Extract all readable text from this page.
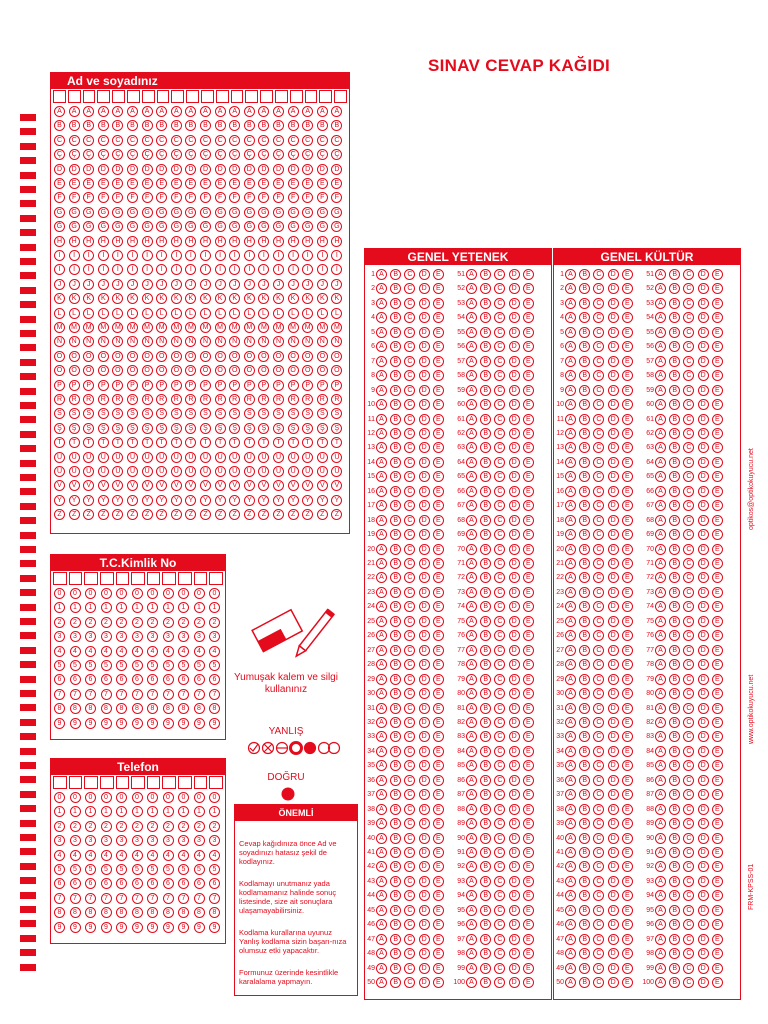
SINAV CEVAP KAĞIDI
Ad ve soyadınız
A	A	A	A	A	A	A	A	A	A	A	A	A	A	A	A	A	A	A	A
B	B	B	B	B	B	B	B	B	B	B	B	B	B	B	B	B	B	B	B
C	C	C	C	C	C	C	C	C	C	C	C	C	C	C	C	C	C	C	C
Ç	Ç	Ç	Ç	Ç	Ç	Ç	Ç	Ç	Ç	Ç	Ç	Ç	Ç	Ç	Ç	Ç	Ç	Ç	Ç
D	D	D	D	D	D	D	D	D	D	D	D	D	D	D	D	D	D	D	D
E	E	E	E	E	E	E	E	E	E	E	E	E	E	E	E	E	E	E	E
F	F	F	F	F	F	F	F	F	F	F	F	F	F	F	F	F	F	F	F
G	G	G	G	G	G	G	G	G	G	G	G	G	G	G	G	G	G	G	G
Ğ	Ğ	Ğ	Ğ	Ğ	Ğ	Ğ	Ğ	Ğ	Ğ	Ğ	Ğ	Ğ	Ğ	Ğ	Ğ	Ğ	Ğ	Ğ	Ğ
H	H	H	H	H	H	H	H	H	H	H	H	H	H	H	H	H	H	H	H
I	I	I	I	I	I	I	I	I	I	I	I	I	I	I	I	I	I	I	I
İ	İ	İ	İ	İ	İ	İ	İ	İ	İ	İ	İ	İ	İ	İ	İ	İ	İ	İ	İ
J	J	J	J	J	J	J	J	J	J	J	J	J	J	J	J	J	J	J	J
K	K	K	K	K	K	K	K	K	K	K	K	K	K	K	K	K	K	K	K
L	L	L	L	L	L	L	L	L	L	L	L	L	L	L	L	L	L	L	L
M	M	M	M	M	M	M	M	M	M	M	M	M	M	M	M	M	M	M	M
N	N	N	N	N	N	N	N	N	N	N	N	N	N	N	N	N	N	N	N
O	O	O	O	O	O	O	O	O	O	O	O	O	O	O	O	O	O	O	O
Ö	Ö	Ö	Ö	Ö	Ö	Ö	Ö	Ö	Ö	Ö	Ö	Ö	Ö	Ö	Ö	Ö	Ö	Ö	Ö
P	P	P	P	P	P	P	P	P	P	P	P	P	P	P	P	P	P	P	P
R	R	R	R	R	R	R	R	R	R	R	R	R	R	R	R	R	R	R	R
S	S	S	S	S	S	S	S	S	S	S	S	S	S	S	S	S	S	S	S
Ş	Ş	Ş	Ş	Ş	Ş	Ş	Ş	Ş	Ş	Ş	Ş	Ş	Ş	Ş	Ş	Ş	Ş	Ş	Ş
T	T	T	T	T	T	T	T	T	T	T	T	T	T	T	T	T	T	T	T
U	U	U	U	U	U	U	U	U	U	U	U	U	U	U	U	U	U	U	U
Ü	Ü	Ü	Ü	Ü	Ü	Ü	Ü	Ü	Ü	Ü	Ü	Ü	Ü	Ü	Ü	Ü	Ü	Ü	Ü
V	V	V	V	V	V	V	V	V	V	V	V	V	V	V	V	V	V	V	V
Y	Y	Y	Y	Y	Y	Y	Y	Y	Y	Y	Y	Y	Y	Y	Y	Y	Y	Y	Y
Z	Z	Z	Z	Z	Z	Z	Z	Z	Z	Z	Z	Z	Z	Z	Z	Z	Z	Z	Z
T.C.Kimlik No
0	0	0	0	0	0	0	0	0	0	0
1	1	1	1	1	1	1	1	1	1	1
2	2	2	2	2	2	2	2	2	2	2
3	3	3	3	3	3	3	3	3	3	3
4	4	4	4	4	4	4	4	4	4	4
5	5	5	5	5	5	5	5	5	5	5
6	6	6	6	6	6	6	6	6	6	6
7	7	7	7	7	7	7	7	7	7	7
8	8	8	8	8	8	8	8	8	8	8
9	9	9	9	9	9	9	9	9	9	9
Telefon
0	0	0	0	0	0	0	0	0	0	0
1	1	1	1	1	1	1	1	1	1	1
2	2	2	2	2	2	2	2	2	2	2
3	3	3	3	3	3	3	3	3	3	3
4	4	4	4	4	4	4	4	4	4	4
5	5	5	5	5	5	5	5	5	5	5
6	6	6	6	6	6	6	6	6	6	6
7	7	7	7	7	7	7	7	7	7	7
8	8	8	8	8	8	8	8	8	8	8
9	9	9	9	9	9	9	9	9	9	9
Yumuşak kalem ve silgi kullanınız
YANLIŞ
DOĞRU
ÖNEMLİ
Cevap kağıdınıza önce Ad ve soyadınızı hatasız şekil de kodlayınız.
Kodlamayı unutmanız yada kodlamamanız halinde sonuç listesinde, size ait sonuçlara ulaşamayabilirsiniz.
Kodlama kurallarına uyunuz Yanlış kodlama sizin başarı-nıza olumsuz etki yapacaktır.
Formunuz üzerinde kesintlikle karalalama yapmayın.
GENEL YETENEK
1 A	B	C	D	E
2 A	B	C	D	E
3 A	B	C	D	E
4 A	B	C	D	E
5 A	B	C	D	E
6 A	B	C	D	E
7 A	B	C	D	E
8 A	B	C	D	E
9 A	B	C	D	E
10 A	B	C	D	E
11 A	B	C	D	E
12 A	B	C	D	E
13 A	B	C	D	E
14 A	B	C	D	E
15 A	B	C	D	E
16 A	B	C	D	E
17 A	B	C	D	E
18 A	B	C	D	E
19 A	B	C	D	E
20 A	B	C	D	E
21 A	B	C	D	E
22 A	B	C	D	E
23 A	B	C	D	E
24 A	B	C	D	E
25 A	B	C	D	E
26 A	B	C	D	E
27 A	B	C	D	E
28 A	B	C	D	E
29 A	B	C	D	E
30 A	B	C	D	E
31 A	B	C	D	E
32 A	B	C	D	E
33 A	B	C	D	E
34 A	B	C	D	E
35 A	B	C	D	E
36 A	B	C	D	E
37 A	B	C	D	E
38 A	B	C	D	E
39 A	B	C	D	E
40 A	B	C	D	E
41 A	B	C	D	E
42 A	B	C	D	E
43 A	B	C	D	E
44 A	B	C	D	E
45 A	B	C	D	E
46 A	B	C	D	E
47 A	B	C	D	E
48 A	B	C	D	E
49 A	B	C	D	E
50 A	B	C	D	E
51 A	B	C	D	E
52 A	B	C	D	E
53 A	B	C	D	E
54 A	B	C	D	E
55 A	B	C	D	E
56 A	B	C	D	E
57 A	B	C	D	E
58 A	B	C	D	E
59 A	B	C	D	E
60 A	B	C	D	E
61 A	B	C	D	E
62 A	B	C	D	E
63 A	B	C	D	E
64 A	B	C	D	E
65 A	B	C	D	E
66 A	B	C	D	E
67 A	B	C	D	E
68 A	B	C	D	E
69 A	B	C	D	E
70 A	B	C	D	E
71 A	B	C	D	E
72 A	B	C	D	E
73 A	B	C	D	E
74 A	B	C	D	E
75 A	B	C	D	E
76 A	B	C	D	E
77 A	B	C	D	E
78 A	B	C	D	E
79 A	B	C	D	E
80 A	B	C	D	E
81 A	B	C	D	E
82 A	B	C	D	E
83 A	B	C	D	E
84 A	B	C	D	E
85 A	B	C	D	E
86 A	B	C	D	E
87 A	B	C	D	E
88 A	B	C	D	E
89 A	B	C	D	E
90 A	B	C	D	E
91 A	B	C	D	E
92 A	B	C	D	E
93 A	B	C	D	E
94 A	B	C	D	E
95 A	B	C	D	E
96 A	B	C	D	E
97 A	B	C	D	E
98 A	B	C	D	E
99 A	B	C	D	E
100 A	B	C	D	E
GENEL KÜLTÜR
1 A	B	C	D	E
2 A	B	C	D	E
3 A	B	C	D	E
4 A	B	C	D	E
5 A	B	C	D	E
6 A	B	C	D	E
7 A	B	C	D	E
8 A	B	C	D	E
9 A	B	C	D	E
10 A	B	C	D	E
11 A	B	C	D	E
12 A	B	C	D	E
13 A	B	C	D	E
14 A	B	C	D	E
15 A	B	C	D	E
16 A	B	C	D	E
17 A	B	C	D	E
18 A	B	C	D	E
19 A	B	C	D	E
20 A	B	C	D	E
21 A	B	C	D	E
22 A	B	C	D	E
23 A	B	C	D	E
24 A	B	C	D	E
25 A	B	C	D	E
26 A	B	C	D	E
27 A	B	C	D	E
28 A	B	C	D	E
29 A	B	C	D	E
30 A	B	C	D	E
31 A	B	C	D	E
32 A	B	C	D	E
33 A	B	C	D	E
34 A	B	C	D	E
35 A	B	C	D	E
36 A	B	C	D	E
37 A	B	C	D	E
38 A	B	C	D	E
39 A	B	C	D	E
40 A	B	C	D	E
41 A	B	C	D	E
42 A	B	C	D	E
43 A	B	C	D	E
44 A	B	C	D	E
45 A	B	C	D	E
46 A	B	C	D	E
47 A	B	C	D	E
48 A	B	C	D	E
49 A	B	C	D	E
50 A	B	C	D	E
51 A	B	C	D	E
52 A	B	C	D	E
53 A	B	C	D	E
54 A	B	C	D	E
55 A	B	C	D	E
56 A	B	C	D	E
57 A	B	C	D	E
58 A	B	C	D	E
59 A	B	C	D	E
60 A	B	C	D	E
61 A	B	C	D	E
62 A	B	C	D	E
63 A	B	C	D	E
64 A	B	C	D	E
65 A	B	C	D	E
66 A	B	C	D	E
67 A	B	C	D	E
68 A	B	C	D	E
69 A	B	C	D	E
70 A	B	C	D	E
71 A	B	C	D	E
72 A	B	C	D	E
73 A	B	C	D	E
74 A	B	C	D	E
75 A	B	C	D	E
76 A	B	C	D	E
77 A	B	C	D	E
78 A	B	C	D	E
79 A	B	C	D	E
80 A	B	C	D	E
81 A	B	C	D	E
82 A	B	C	D	E
83 A	B	C	D	E
84 A	B	C	D	E
85 A	B	C	D	E
86 A	B	C	D	E
87 A	B	C	D	E
88 A	B	C	D	E
89 A	B	C	D	E
90 A	B	C	D	E
91 A	B	C	D	E
92 A	B	C	D	E
93 A	B	C	D	E
94 A	B	C	D	E
95 A	B	C	D	E
96 A	B	C	D	E
97 A	B	C	D	E
98 A	B	C	D	E
99 A	B	C	D	E
100 A	B	C	D	E
optikos@optikokuyucu.net
www.optikokuyucu.net
FRM-KPSS-01
